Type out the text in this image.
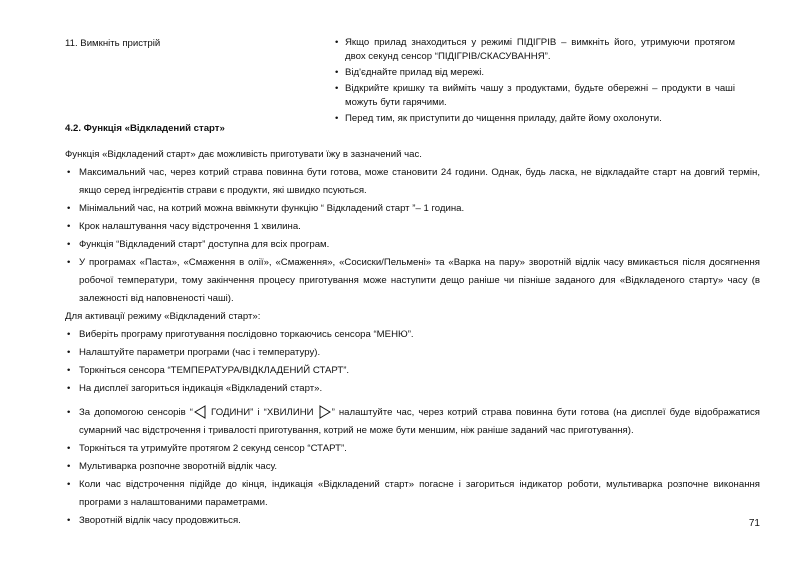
11. Вимкніть пристрій	• Якщо прилад знаходиться у режимі ПІДІГРІВ – вимкніть його, утримуючи протягом двох секунд сенсор “ПІДІГРІВ/СКАСУВАННЯ”.
• Від'єднайте прилад від мережі.
• Відкрийте кришку та вийміть чашу з продуктами, будьте обережні – продукти в чаші можуть бути гарячими.
• Перед тим, як приступити до чищення приладу, дайте йому охолонути.
4.2. Функція «Відкладений старт»

Функція «Відкладений старт» дає можливість приготувати їжу в зазначений час.

• Максимальний час, через котрий страва повинна бути готова, може становити 24 години. Однак, будь ласка, не відкладайте старт на довгий термін, якщо серед інгредієнтів страви є продукти, які швидко псуються.
• Мінімальний час, на котрий можна ввімкнути функцію “ Відкладений старт ”– 1 година.
• Крок налаштування часу відстрочення 1 хвилина.
• Функція “Відкладений старт” доступна для всіх програм.
• У програмах «Паста», «Смаження в олії», «Смаження», «Сосиски/Пельмені» та «Варка на пару» зворотній відлік часу вмикається після досягнення робочої температури, тому закінчення процесу приготування може наступити дещо раніше чи пізніше заданого для «Відкладеного старту» часу (в залежності від наповненості чаші).

Для активації режиму «Відкладений старт»:

• Виберіть програму приготування послідовно торкаючись сенсора “МЕНЮ”.
• Налаштуйте параметри програми (час і температуру).
• Торкніться сенсора “ТЕМПЕРАТУРА/ВІДКЛАДЕНИЙ СТАРТ”.
• На дисплеї загориться індикація «Відкладений старт».
• За допомогою сенсорів “ ГОДИНИ” і “ХВИЛИНИ ” налаштуйте час, через котрий страва повинна бути готова (на дисплеї буде відображатися сумарний час відстрочення і тривалості приготування, котрий не може бути меншим, ніж раніше заданий час приготування).
• Торкніться та утримуйте протягом 2 секунд сенсор “СТАРТ”.
• Мультиварка розпочне зворотній відлік часу.
• Коли час відстрочення підійде до кінця, індикація «Відкладений старт» погасне і загориться індикатор роботи, мультиварка розпочне виконання програми з налаштованими параметрами.
• Зворотній відлік часу продовжиться.	71
